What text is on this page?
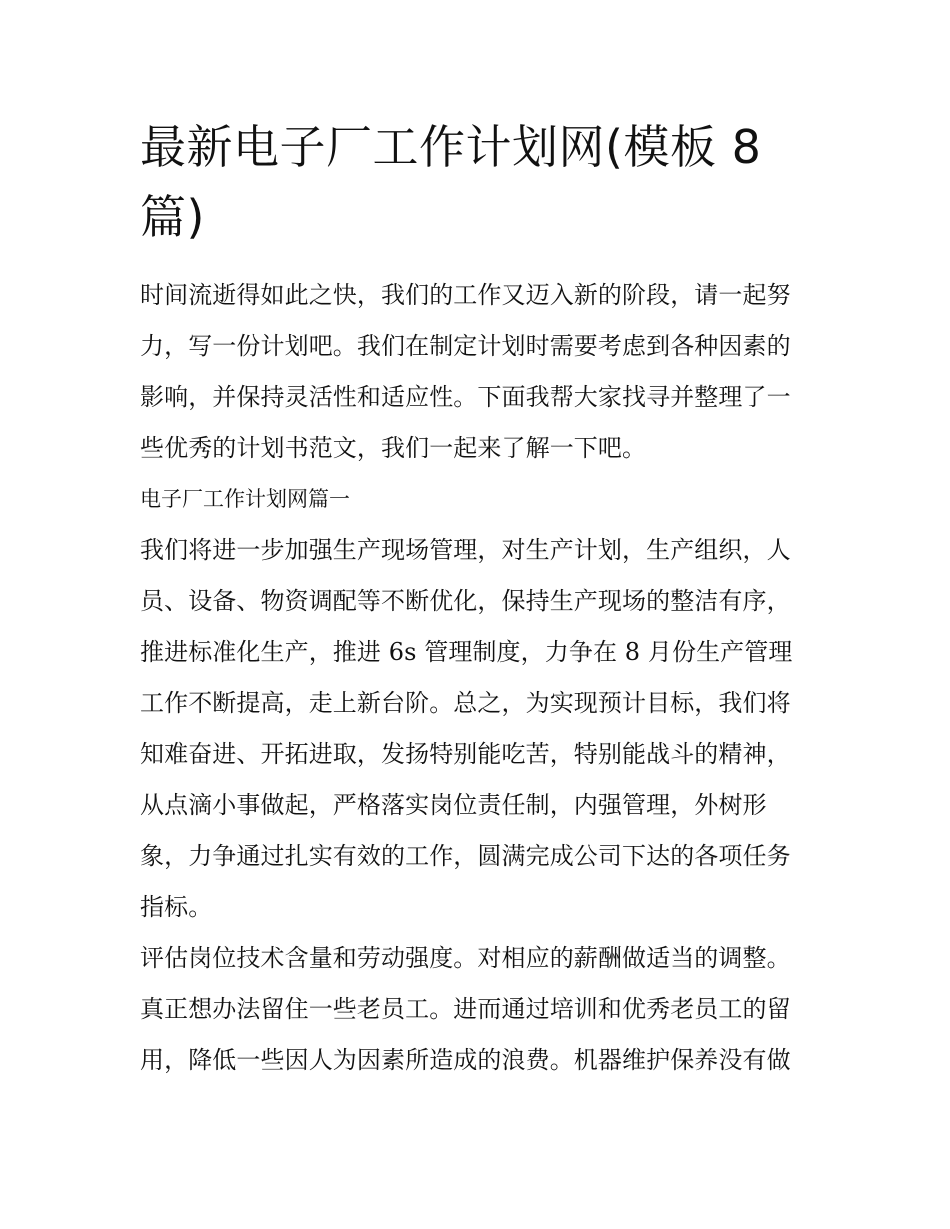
最新电子厂工作计划网(模板 8
篇)

时间流逝得如此之快，我们的工作又迈入新的阶段，请一起努
力，写一份计划吧。我们在制定计划时需要考虑到各种因素的
影响，并保持灵活性和适应性。下面我帮大家找寻并整理了一
些优秀的计划书范文，我们一起来了解一下吧。

电子厂工作计划网篇一

我们将进一步加强生产现场管理，对生产计划，生产组织，人
员、设备、物资调配等不断优化，保持生产现场的整洁有序，
推进标准化生产，推进 6s 管理制度，力争在 8 月份生产管理
工作不断提高，走上新台阶。总之，为实现预计目标，我们将
知难奋进、开拓进取，发扬特别能吃苦，特别能战斗的精神，
从点滴小事做起，严格落实岗位责任制，内强管理，外树形
象，力争通过扎实有效的工作，圆满完成公司下达的各项任务
指标。

评估岗位技术含量和劳动强度。对相应的薪酬做适当的调整。
真正想办法留住一些老员工。进而通过培训和优秀老员工的留
用，降低一些因人为因素所造成的浪费。机器维护保养没有做
